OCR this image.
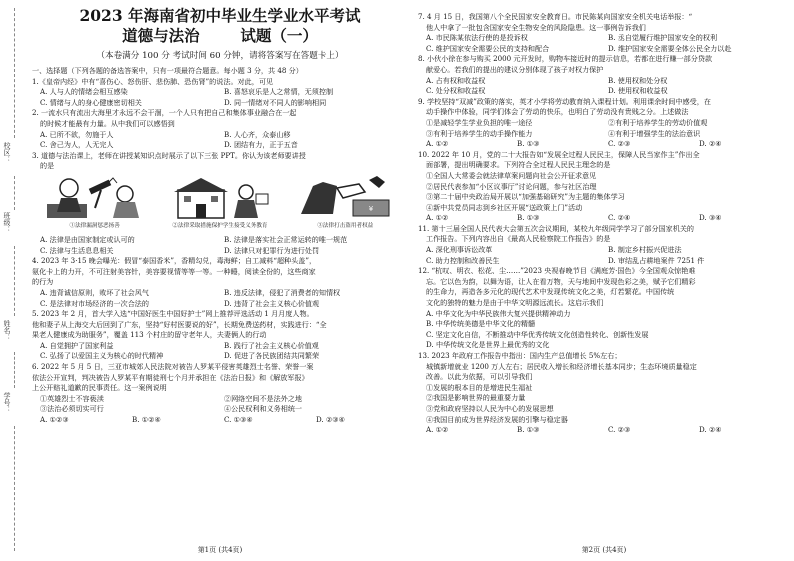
校区：
班级：
姓名：
学号：
2023 年海南省初中毕业生学业水平考试
道德与法治	试题（一）
（本卷满分 100 分 考试时间 60 分钟，请将答案写在答题卡上）
一、选择题（下列各题的备选答案中，只有一项最符合题意。每小题 3 分，共 48 分）
1.《皇帝内经》中有“喜伤心、怒伤肝、悲伤肺、恐伤肾”的说法。对此，可见
A. 人与人的情绪会相互感染	B. 喜怒哀乐是人之常情，无须控制
C. 情绪与人的身心健康密切相关	D. 同一情绪对不同人的影响相同
2. 一流水只有流出大海里才永远不会干涸，一个人只有把自己和集体事业融合在一起
的时候才能最有力量。从中我们可以感悟到
A. 已所不欲，勿施于人	B. 人心齐，众泰山移
C. 舍己为人，人无完人	D. 团结有力，正于五音
3. 道德与法治课上，老师在讲授某知识点时展示了以下三张 PPT。你认为该老师要讲授
的是
①法律漏洞惩恶扬善	②法律采取措施保护学生接受义务教育
¥
③法律打击盗用者权益
A. 法律是由国家制定或认可的	B. 法律是落实社会正常运转的唯一规范
C. 法律与生活息息相关	D. 法律只对犯罪行为进行处罚
4. 2023 年 3·15 晚会曝光：假冒“泰国香米”，香精勾兑，毒海鲜；自工减料“超种头盖”，
氨化卡上的力开，不可注射美容针，美容要视情等等一等。一种睡，阅读全份的，这些商家
的行为
A. 违背诚信原则，败坏了社会风气	B. 违反法律，侵犯了消费者的知情权
C. 是法律对市场经济的一次合法的	D. 违背了社会主义核心价值观
5. 2023 年 2 月，首大学入选“中国好医生中国好护士”网上推荐评选活动 1 月月度人物。
他和妻子从上海交大后回到了广东，坚持“好村医要说的好”，长期免费送药材，实践进行：“全
果老人健康成为助服务”，覆盖 113 个村庄的留守老年人，夫妻俩人的行动
A. 自觉拥护了国家利益	B. 践行了社会主义核心价值观
C. 弘扬了以爱国主义为核心的时代精神	D. 促进了各民族团结共同繁荣
6. 2022 年 5 月 5 日，三亚市城郊人民法院对被告人罗某平侵害英雄烈士名誉、荣誉一案
依法公开宣判，判决被告人罗某平有期徒刑七个月并承担在《法治日报》和《解放军报》
上公开赔礼道歉的民事责任。这一案例说明
①英雄烈士不容亵渎	②网络空间不是法外之地
③法治必须切实可行	④公民权利和义务相统一
A. ①②③	B. ①②④	C. ①③④	D. ②③④
第1页 (共4页)
7. 4 月 15 日，我国第八个全民国家安全教育日。市民陈某向国家安全机关电话举报：“
他人中拿了一批包含国家安全生物安全的风险隐患。这一事例告诉我们
A. 市民陈某依法行使的是投诉权	B. 丞自觉履行维护国家安全的权利
C. 维护国家安全需要公民的支持和配合	D. 维护国家安全需要全体公民全力以赴
8. 小伙小徐在参与购买 2000 元开发时，购物车接近时的提示信息，若都在进行赚一部分贷款
献爱心。若我们的提出的建议分别体现了孩子对权力保护
A. 占有权和收益权	B. 使用权和处分权
C. 处分权和收益权	D. 使用权和收益权
9. 学校坚持“双减”政策的落实，英才小学将劳动教育纳入课程计划。利用课余时间中感受，在
动手操作中体验，同学们体会了劳动的快乐，也明白了劳动没有贵贱之分。上述做法
①是减轻学生学业负担的唯一途径	②有利于培养学生的劳动价值观
③有利于培养学生的动手操作能力	④有利于增强学生的法治意识
A. ①②	B. ①③	C. ②③	D. ②④
10. 2022 年 10 月，党的二十大报告如“发展全过程人民民主，保障人民当家作主”作出全
面部署，提出明确要求。下列符合全过程人民民主理念的是
①全国人大常委会就法律草案问题向社会公开征求意见
②居民代表参加“小区议事厅”讨论问题，参与社区治理
③第二十届中央政治局开展以“加强基础研究”为主题的集体学习
④新中共党员同志到乡社区开展“送政策上门”活动
A. ①②	B. ①③	C. ②④	D. ③④
11. 第十三届全国人民代表大会第五次会议期间，某校九年级同学学习了部分国家机关的
工作报告。下列内容出自《最高人民检察院工作报告》的是
A. 深化刑事诉讼改革	B. 制定乡村振兴促进法
C. 助力控制和改善民生	D. 审结乱占耕地案件 7251 件
12. “杭叹、明衣、松花、尘……”2023 央视春晚节目《满庭芳·国色》今全国观众惊艳难
忘。它以色为韵，以舞为语，让人在看万物，天与地间中发现色彩之美，赋予它们精彩
的生命力，再造各多元化的现代艺术中发现传统文化之美，灯若繁花。中国传统
文化的独特的魅力是由于中华文明源远流长。这启示我们
A. 中华文化为中华民族伟大复兴提供精神动力
B. 中华传统美德是中华文化的精髓
C. 坚定文化自信，不断推动中华优秀传统文化创造性转化、创新性发展
D. 中华传统文化是世界上最优秀的文化
13. 2023 年政府工作报告中指出：国内生产总值增长 5%左右；
城镇新增就业 1200 万人左右；居民收入增长和经济增长基本同步；生态环境质量稳定
改善。以此为依据，可以引导我们
①发展的根本目的是增进民生福祉
②我国是影响世界的最重要力量
③党和政府坚持以人民为中心的发展思想
④我国目前成为世界经济发展的引擎与稳定器
A. ①②	B. ①③	C. ②③	D. ②④
第2页 (共4页)
